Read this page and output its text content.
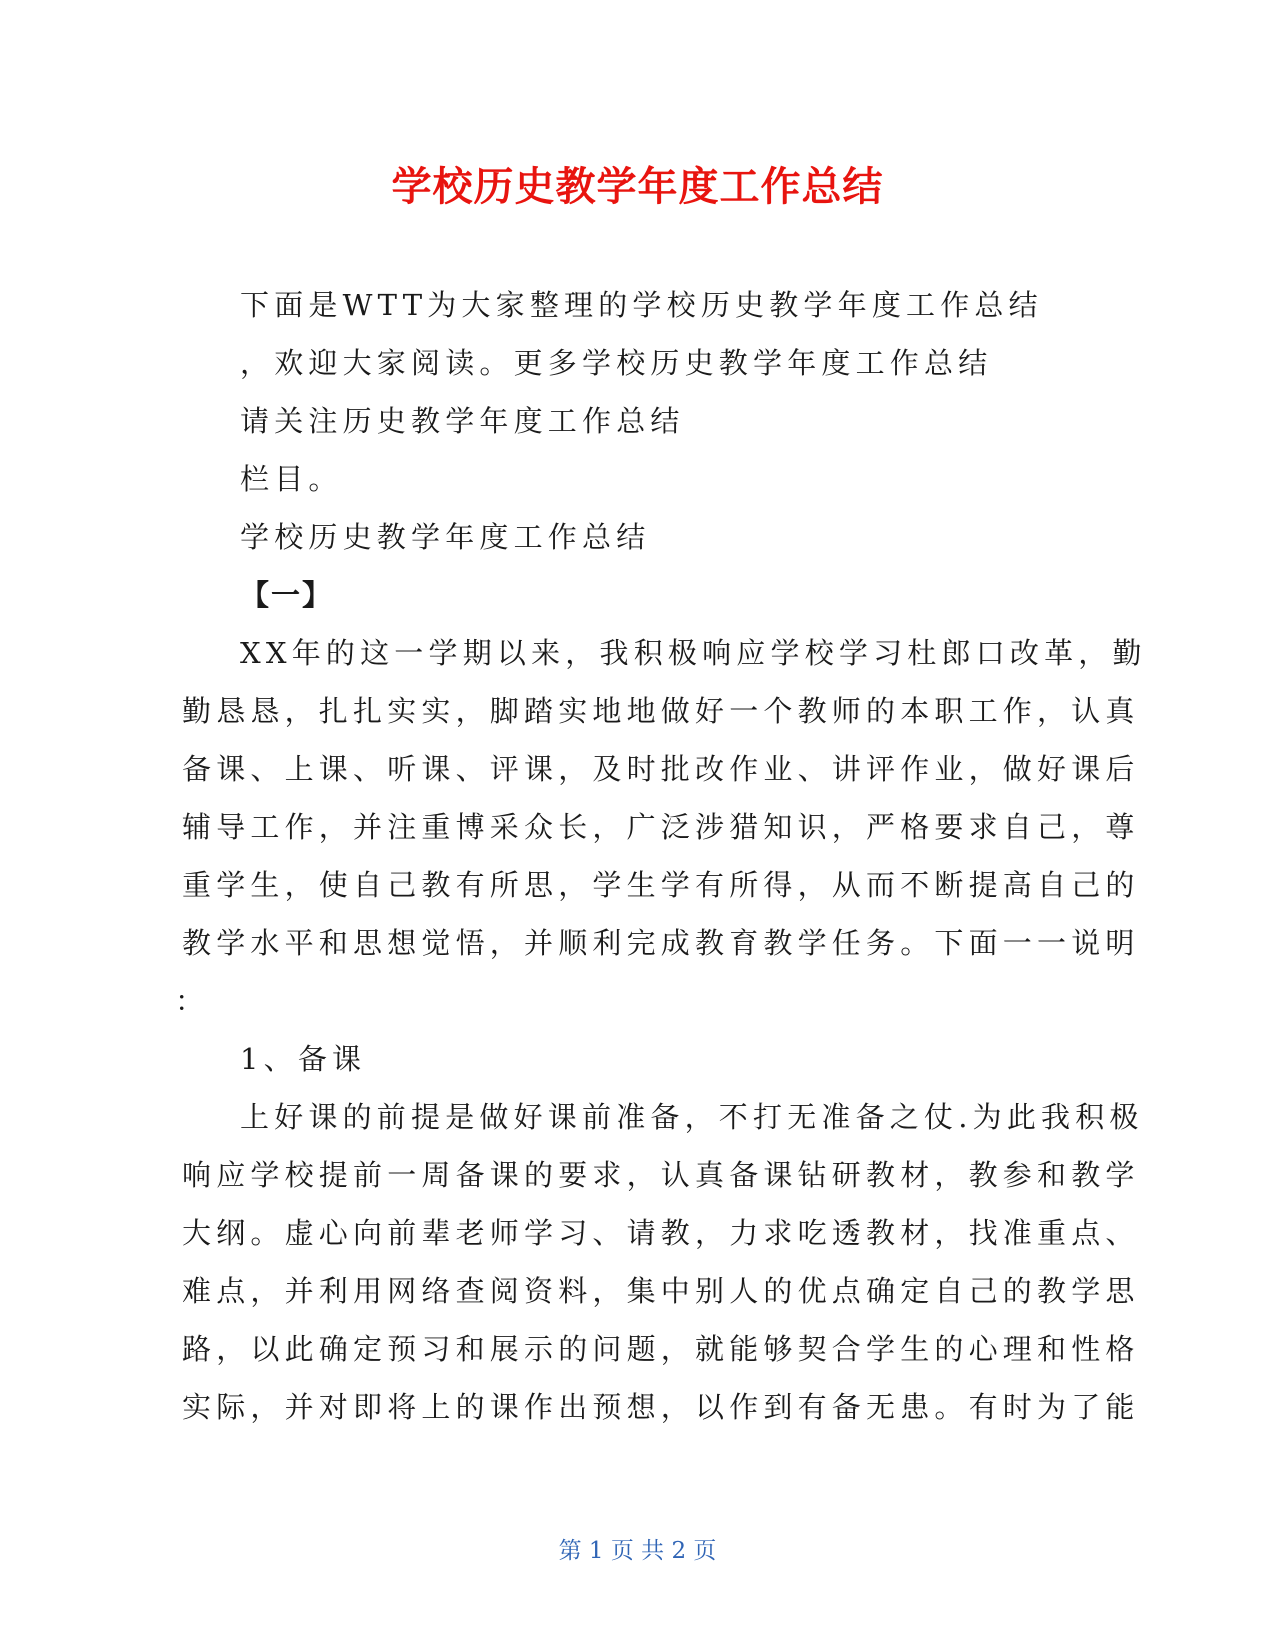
学校历史教学年度工作总结
下面是WTT为大家整理的学校历史教学年度工作总结
，欢迎大家阅读。更多学校历史教学年度工作总结
请关注历史教学年度工作总结
栏目。
学校历史教学年度工作总结
【一】
XX年的这一学期以来，我积极响应学校学习杜郎口改革，勤
勤恳恳，扎扎实实，脚踏实地地做好一个教师的本职工作，认真
备课、上课、听课、评课，及时批改作业、讲评作业，做好课后
辅导工作，并注重博采众长，广泛涉猎知识，严格要求自己，尊
重学生，使自己教有所思，学生学有所得，从而不断提高自己的
教学水平和思想觉悟，并顺利完成教育教学任务。下面一一说明
：
1、备课
上好课的前提是做好课前准备，不打无准备之仗.为此我积极
响应学校提前一周备课的要求，认真备课钻研教材，教参和教学
大纲。虚心向前辈老师学习、请教，力求吃透教材，找准重点、
难点，并利用网络查阅资料，集中别人的优点确定自己的教学思
路，以此确定预习和展示的问题，就能够契合学生的心理和性格
实际，并对即将上的课作出预想，以作到有备无患。有时为了能
第 1 页 共 2 页
